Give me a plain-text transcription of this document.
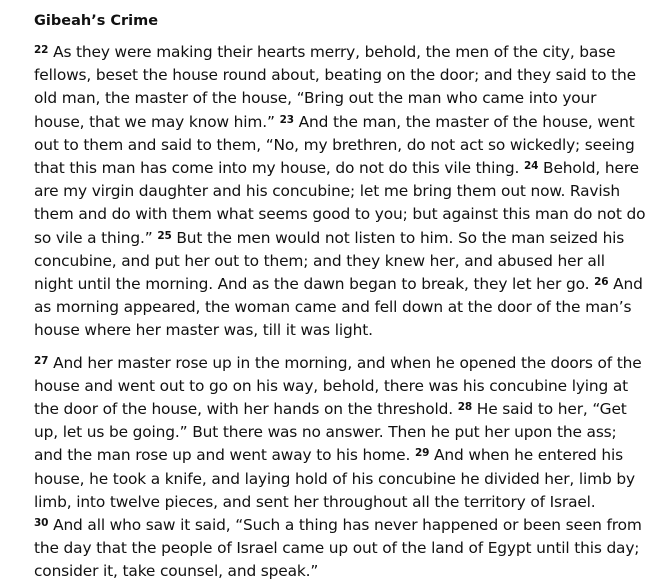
Gibeah’s Crime

$^{22}$ As they were making their hearts merry, behold, the men of the city, base fellows, beset the house round about, beating on the door; and they said to the old man, the master of the house, “Bring out the man who came into your house, that we may know him.” $^{23}$ And the man, the master of the house, went out to them and said to them, “No, my brethren, do not act so wickedly; seeing that this man has come into my house, do not do this vile thing. $^{24}$ Behold, here are my virgin daughter and his concubine; let me bring them out now. Ravish them and do with them what seems good to you; but against this man do not do so vile a thing.” $^{25}$ But the men would not listen to him. So the man seized his concubine, and put her out to them; and they knew her, and abused her all night until the morning. And as the dawn began to break, they let her go. $^{26}$ And as morning appeared, the woman came and fell down at the door of the man’s house where her master was, till it was light.

$^{27}$ And her master rose up in the morning, and when he opened the doors of the house and went out to go on his way, behold, there was his concubine lying at the door of the house, with her hands on the threshold. $^{28}$ He said to her, “Get up, let us be going.” But there was no answer. Then he put her upon the ass; and the man rose up and went away to his home. $^{29}$ And when he entered his house, he took a knife, and laying hold of his concubine he divided her, limb by limb, into twelve pieces, and sent her throughout all the territory of Israel. $^{30}$ And all who saw it said, “Such a thing has never happened or been seen from the day that the people of Israel came up out of the land of Egypt until this day; consider it, take counsel, and speak.”
